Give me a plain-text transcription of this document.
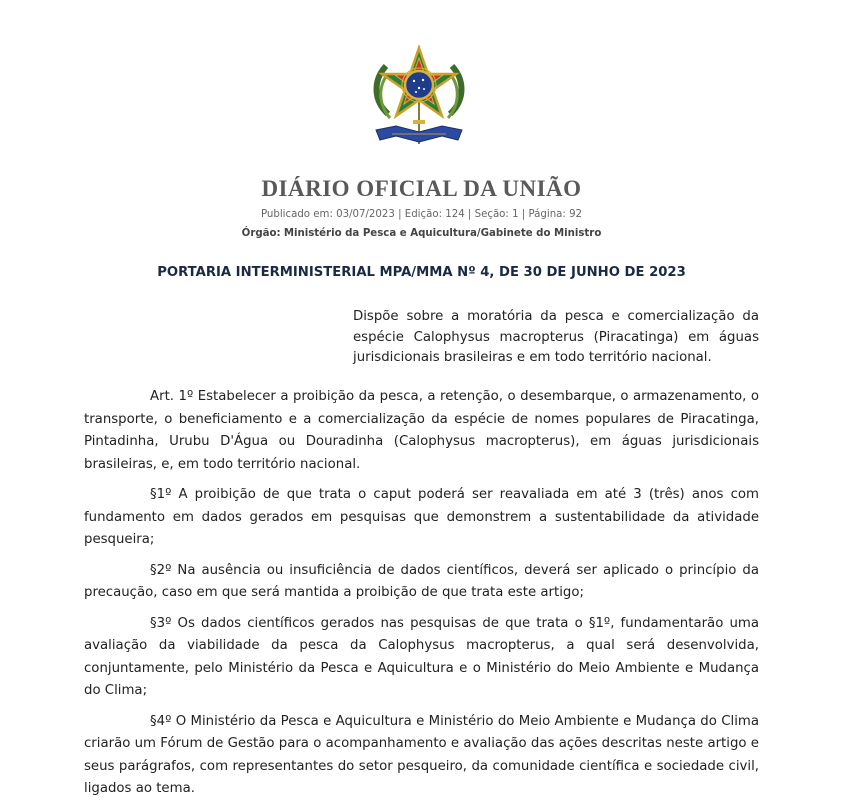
DIÁRIO OFICIAL DA UNIÃO
Publicado em: 03/07/2023 | Edição: 124 | Seção: 1 | Página: 92
Órgão: Ministério da Pesca e Aquicultura/Gabinete do Ministro
PORTARIA INTERMINISTERIAL MPA/MMA Nº 4, DE 30 DE JUNHO DE 2023
Dispõe sobre a moratória da pesca e comercialização da espécie Calophysus macropterus (Piracatinga) em águas jurisdicionais brasileiras e em todo território nacional.

Art. 1º Estabelecer a proibição da pesca, a retenção, o desembarque, o armazenamento, o transporte, o beneficiamento e a comercialização da espécie de nomes populares de Piracatinga, Pintadinha, Urubu D'Água ou Douradinha (Calophysus macropterus), em águas jurisdicionais brasileiras, e, em todo território nacional.

§1º A proibição de que trata o caput poderá ser reavaliada em até 3 (três) anos com fundamento em dados gerados em pesquisas que demonstrem a sustentabilidade da atividade pesqueira;

§2º Na ausência ou insuficiência de dados científicos, deverá ser aplicado o princípio da precaução, caso em que será mantida a proibição de que trata este artigo;

§3º Os dados científicos gerados nas pesquisas de que trata o §1º, fundamentarão uma avaliação da viabilidade da pesca da Calophysus macropterus, a qual será desenvolvida, conjuntamente, pelo Ministério da Pesca e Aquicultura e o Ministério do Meio Ambiente e Mudança do Clima;

§4º O Ministério da Pesca e Aquicultura e Ministério do Meio Ambiente e Mudança do Clima criarão um Fórum de Gestão para o acompanhamento e avaliação das ações descritas neste artigo e seus parágrafos, com representantes do setor pesqueiro, da comunidade científica e sociedade civil, ligados ao tema.
